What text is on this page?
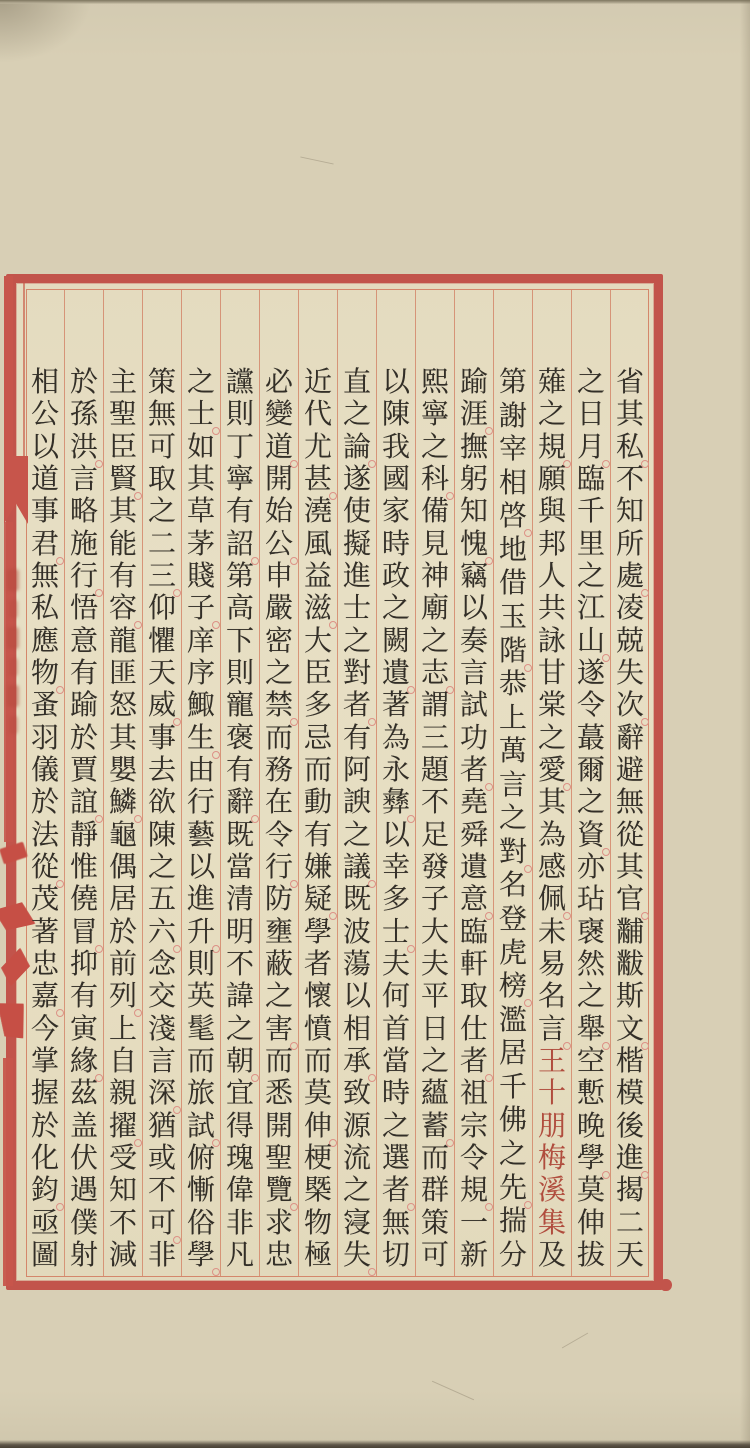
省
其
私
不
知
所
處
凌
兢
失
次
辭
避
無
從
其
官
黼
黻
斯
文
楷
模
後
進
揭
二
天
之
日
月
臨
千
里
之
江
山
遂
令
蕞
爾
之
資
亦
玷
襃
然
之
舉
空
慙
晚
學
莫
伸
拔
薙
之
規
願
與
邦
人
共
詠
甘
棠
之
愛
其
為
感
佩
未
易
名
言
王
十
朋
梅
溪
集
及
第
謝
宰
相
啓
地
借
玉
階
恭
上
萬
言
之
對
名
登
虎
榜
濫
居
千
佛
之
先
揣
分
踰
涯
撫
躬
知
愧
竊
以
奏
言
試
功
者
堯
舜
遺
意
臨
軒
取
仕
者
祖
宗
令
規
一
新
熙
寧
之
科
備
見
神
廟
之
志
謂
三
題
不
足
發
子
大
夫
平
日
之
蘊
蓄
而
群
策
可
以
陳
我
國
家
時
政
之
闕
遺
著
為
永
彝
以
幸
多
士
夫
何
首
當
時
之
選
者
無
切
直
之
論
遂
使
擬
進
士
之
對
者
有
阿
諛
之
議
既
波
蕩
以
相
承
致
源
流
之
寖
失
近
代
尤
甚
澆
風
益
滋
大
臣
多
忌
而
動
有
嫌
疑
學
者
懷
憤
而
莫
伸
梗
槩
物
極
必
變
道
開
始
公
申
嚴
密
之
禁
而
務
在
令
行
防
壅
蔽
之
害
而
悉
開
聖
覽
求
忠
讜
則
丁
寧
有
詔
第
高
下
則
寵
褒
有
辭
既
當
清
明
不
諱
之
朝
宜
得
瑰
偉
非
凡
之
士
如
其
草
茅
賤
子
庠
序
鯫
生
由
行
藝
以
進
升
則
英
髦
而
旅
試
俯
慚
俗
學
策
無
可
取
之
二
三
仰
懼
天
威
事
去
欲
陳
之
五
六
念
交
淺
言
深
猶
或
不
可
非
主
聖
臣
賢
其
能
有
容
龍
匪
怒
其
嬰
鱗
龜
偶
居
於
前
列
上
自
親
擢
受
知
不
減
於
孫
洪
言
略
施
行
悟
意
有
踰
於
賈
誼
靜
惟
僥
冒
抑
有
寅
緣
茲
盖
伏
遇
僕
射
相
公
以
道
事
君
無
私
應
物
蚤
羽
儀
於
法
從
茂
著
忠
嘉
今
掌
握
於
化
鈞
亟
圖
